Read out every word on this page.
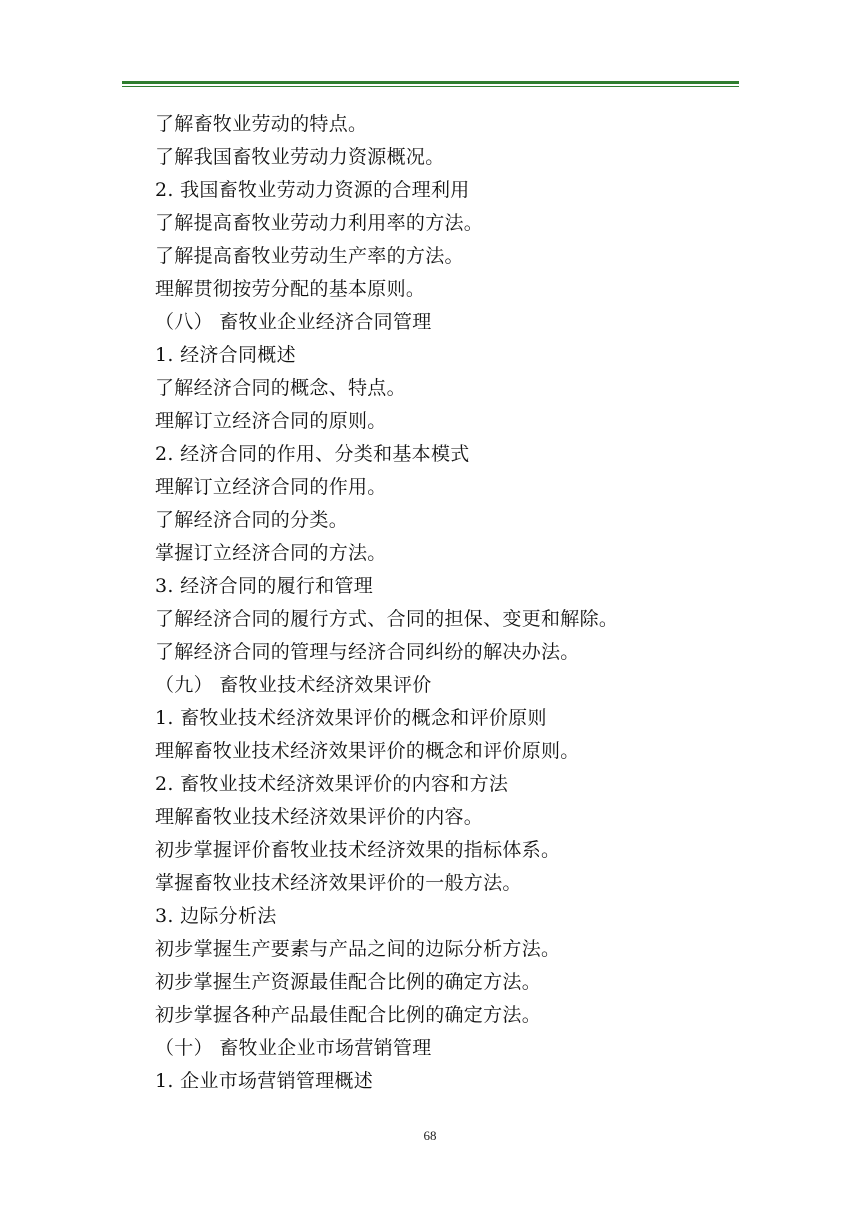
了解畜牧业劳动的特点。
了解我国畜牧业劳动力资源概况。
2. 我国畜牧业劳动力资源的合理利用
了解提高畜牧业劳动力利用率的方法。
了解提高畜牧业劳动生产率的方法。
理解贯彻按劳分配的基本原则。
（八） 畜牧业企业经济合同管理
1. 经济合同概述
了解经济合同的概念、特点。
理解订立经济合同的原则。
2. 经济合同的作用、分类和基本模式
理解订立经济合同的作用。
了解经济合同的分类。
掌握订立经济合同的方法。
3. 经济合同的履行和管理
了解经济合同的履行方式、合同的担保、变更和解除。
了解经济合同的管理与经济合同纠纷的解决办法。
（九） 畜牧业技术经济效果评价
1. 畜牧业技术经济效果评价的概念和评价原则
理解畜牧业技术经济效果评价的概念和评价原则。
2. 畜牧业技术经济效果评价的内容和方法
理解畜牧业技术经济效果评价的内容。
初步掌握评价畜牧业技术经济效果的指标体系。
掌握畜牧业技术经济效果评价的一般方法。
3. 边际分析法
初步掌握生产要素与产品之间的边际分析方法。
初步掌握生产资源最佳配合比例的确定方法。
初步掌握各种产品最佳配合比例的确定方法。
（十） 畜牧业企业市场营销管理
1. 企业市场营销管理概述
68
